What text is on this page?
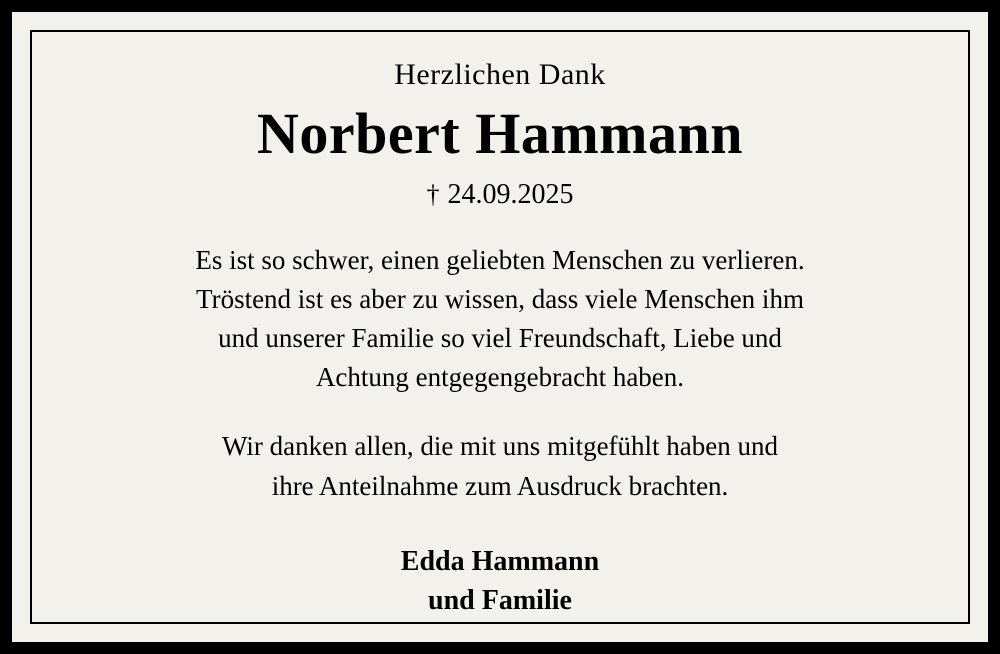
Herzlichen Dank
Norbert Hammann
† 24.09.2025
Es ist so schwer, einen geliebten Menschen zu verlieren.
Tröstend ist es aber zu wissen, dass viele Menschen ihm
und unserer Familie so viel Freundschaft, Liebe und
Achtung entgegengebracht haben.
Wir danken allen, die mit uns mitgefühlt haben und
ihre Anteilnahme zum Ausdruck brachten.
Edda Hammann
und Familie
